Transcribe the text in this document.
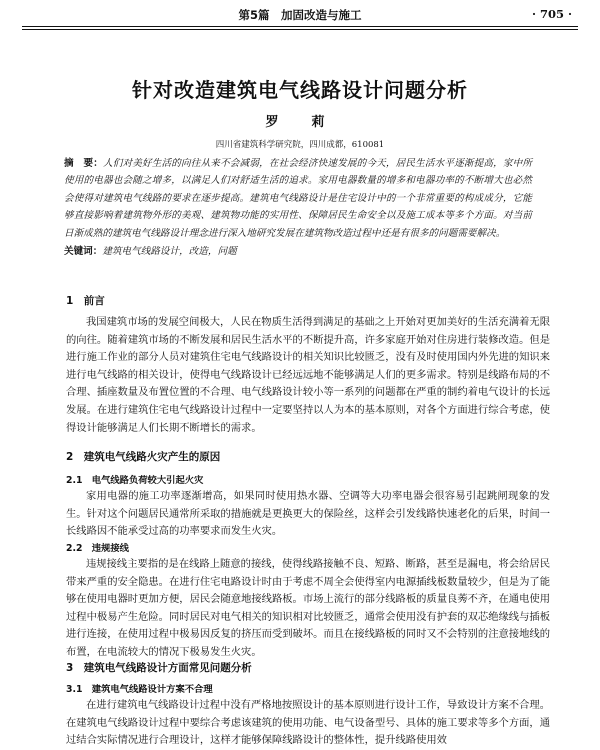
第5篇　加固改造与施工	· 705 ·
针对改造建筑电气线路设计问题分析
罗　莉
四川省建筑科学研究院，四川成都，610081
摘　要：人们对美好生活的向往从来不会减弱，在社会经济快速发展的今天，居民生活水平逐渐提高，家中所使用的电器也会随之增多，以满足人们对舒适生活的追求。家用电器数量的增多和电器功率的不断增大也必然会使得对建筑电气线路的要求在逐步提高。建筑电气线路设计是住宅设计中的一个非常重要的构成成分，它能够直接影响着建筑物外形的美观、建筑物功能的实用性、保障居民生命安全以及施工成本等多个方面。对当前日渐成熟的建筑电气线路设计理念进行深入地研究发展在建筑物改造过程中还是有很多的问题需要解决。
关键词：建筑电气线路设计，改造，问题
1　前言
我国建筑市场的发展空间极大，人民在物质生活得到满足的基础之上开始对更加美好的生活充满着无限的向往。随着建筑市场的不断发展和居民生活水平的不断提升高，许多家庭开始对住房进行装修改造。但是进行施工作业的部分人员对建筑住宅电气线路设计的相关知识比较匮乏，没有及时使用国内外先进的知识来进行电气线路的相关设计，使得电气线路设计已经远远地不能够满足人们的更多需求。特别是线路布局的不合理、插座数量及布置位置的不合理、电气线路设计较小等一系列的问题都在严重的制约着电气设计的长远发展。在进行建筑住宅电气线路设计过程中一定要坚持以人为本的基本原则，对各个方面进行综合考虑，使得设计能够满足人们长期不断增长的需求。
2　建筑电气线路火灾产生的原因
2.1　电气线路负荷较大引起火灾
家用电器的施工功率逐渐增高，如果同时使用热水器、空调等大功率电器会很容易引起跳闸现象的发生。针对这个问题居民通常所采取的措施就是更换更大的保险丝，这样会引发线路快速老化的后果，时间一长线路因不能承受过高的功率要求而发生火灾。
2.2　违规接线
违规接线主要指的是在线路上随意的接线，使得线路接触不良、短路、断路，甚至是漏电，将会给居民带来严重的安全隐患。在进行住宅电路设计时由于考虑不周全会使得室内电源插线板数量较少，但是为了能够在使用电器时更加方便，居民会随意地接线路板。市场上流行的部分线路板的质量良莠不齐，在通电使用过程中极易产生危险。同时居民对电气相关的知识相对比较匮乏，通常会使用没有护套的双芯绝缘线与插板进行连接，在使用过程中极易因反复的挤压而受到破坏。而且在接线路板的同时又不会特别的注意接地线的布置，在电流较大的情况下极易发生火灾。
3　建筑电气线路设计方面常见问题分析
3.1　建筑电气线路设计方案不合理
在进行建筑电气线路设计过程中没有严格地按照设计的基本原则进行设计工作，导致设计方案不合理。在建筑电气线路设计过程中要综合考虑该建筑的使用功能、电气设备型号、具体的施工要求等多个方面，通过结合实际情况进行合理设计，这样才能够保障线路设计的整体性，提升线路使用效
